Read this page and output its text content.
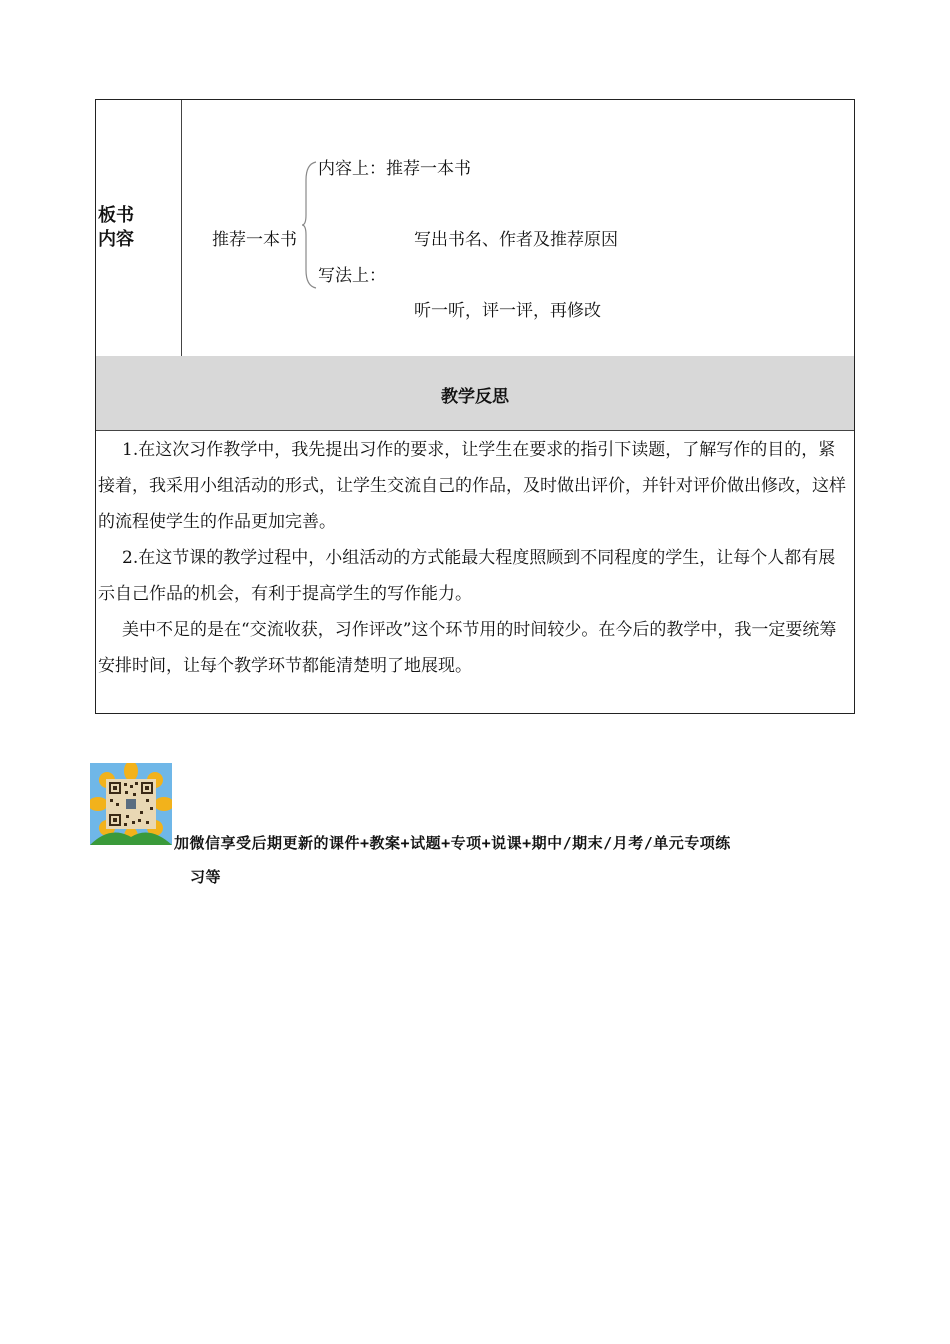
板书
内容	推荐一本书
内容上：推荐一本书
写法上：
写出书名、作者及推荐原因
听一听，评一评，再修改
教学反思

1.在这次习作教学中，我先提出习作的要求，让学生在要求的指引下读题，了解写作的目的，紧接着，我采用小组活动的形式，让学生交流自己的作品，及时做出评价，并针对评价做出修改，这样的流程使学生的作品更加完善。

2.在这节课的教学过程中，小组活动的方式能最大程度照顾到不同程度的学生，让每个人都有展示自己作品的机会，有利于提高学生的写作能力。

美中不足的是在“交流收获，习作评改”这个环节用的时间较少。在今后的教学中，我一定要统筹安排时间，让每个教学环节都能清楚明了地展现。

加微信享受后期更新的课件+教案+试题+专项+说课+期中/期末/月考/单元专项练
习等
